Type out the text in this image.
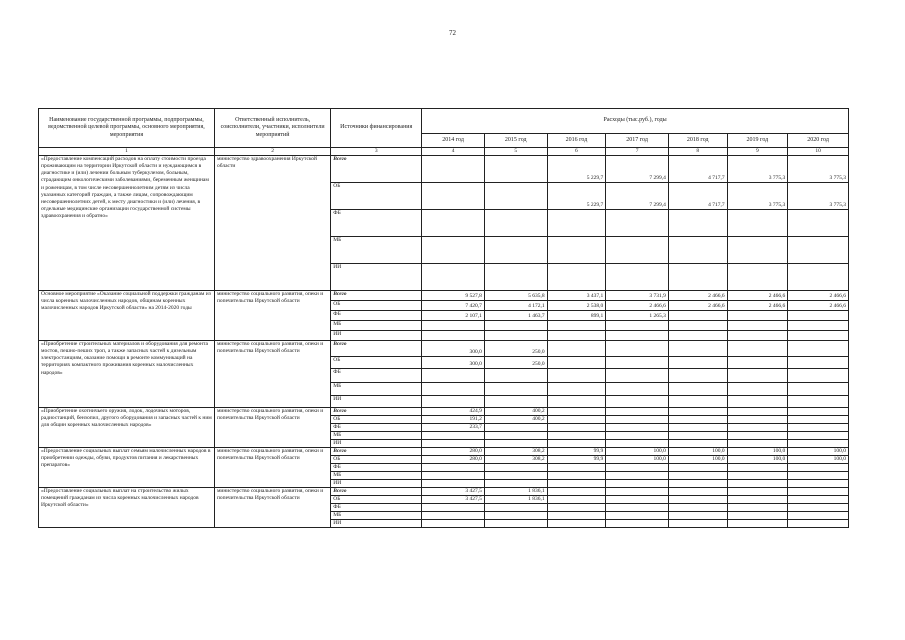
72
Наименование государственной программы, подпрограммы, ведомственной целевой программы, основного мероприятия, мероприятия	Ответственный исполнитель, соисполнители, участники, исполнители мероприятий	Источники финансирования	Расходы (тыс.руб.), годы						
			2014 год	2015 год	2016 год	2017 год	2018 год	2019 год	2020 год
1	2	3	4	5	6	7	8	9	10
«Предоставление компенсаций расходов на оплату стоимости проезда проживающим на территории Иркутской области и нуждающимся в диагностике и (или) лечении больным туберкулезом, больным, страдающим онкологическими заболеваниями, беременным женщинам и роженицам, в том числе несовершеннолетним детям из числа указанных категорий граждан, а также лицам, сопровождающим несовершеннолетних детей, к месту диагностики и (или) лечения, в отдельные медицинские организации государственной системы здравоохранения и обратно»	министерство здравоохранения Иркутской области	Всего			5 229,7	7 299,4	4 717,7	3 775,3	3 775,3
		ОБ			5 229,7	7 299,4	4 717,7	3 775,3	3 775,3
		ФБ							
		МБ							
		ИИ							
Основное мероприятие «Оказание социальной поддержки гражданам из числа коренных малочисленных народов, общинам коренных малочисленных народов Иркутской области» на 2014-2020 годы	министерство социального развития, опеки и попечительства Иркутской области	Всего	9 527,8	5 635,8	3 437,1	3 731,9	2 466,6	2 466,6	2 466,6
		ОБ	7 420,7	4 172,1	2 538,0	2 466,6	2 466,6	2 466,6	2 466,6
		ФБ	2 107,1	1 463,7	899,1	1 265,3			
		МБ							
		ИИ							
«Приобретение строительных материалов и оборудования для ремонта мостов, пешно-пеших троп, а также запасных частей к дизельным электростанциям, оказание помощи в ремонте коммуникаций на территориях компактного проживания коренных малочисленных народов»	министерство социального развития, опеки и попечительства Иркутской области	Всего	300,0	250,0					
		ОБ	300,0	250,0					
		ФБ							
		МБ							
		ИИ							
«Приобретение охотничьего оружия, лодок, лодочных моторов, радиостанций, бензопил, другого оборудования и запасных частей к ним для общин коренных малочисленных народов»	министерство социального развития, опеки и попечительства Иркутской области	Всего	424,9	400,2					
		ОБ	191,2	400,2					
		ФБ	233,7						
		МБ							
		ИИ							
«Предоставление социальных выплат семьям малочисленных народов в приобретении одежды, обуви, продуктов питания и лекарственных препаратов»	министерство социального развития, опеки и попечительства Иркутской области	Всего	280,0	308,2	99,9	100,0	100,0	100,0	100,0
		ОБ	280,0	308,2	99,9	100,0	100,0	100,0	100,0
		ФБ							
		МБ							
		ИИ							
«Предоставление социальных выплат на строительство жилых помещений гражданам из числа коренных малочисленных народов Иркутской области»	министерство социального развития, опеки и попечительства Иркутской области	Всего	3 427,5	1 836,1					
		ОБ	3 427,5	1 836,1					
		ФБ							
		МБ							
		ИИ							
